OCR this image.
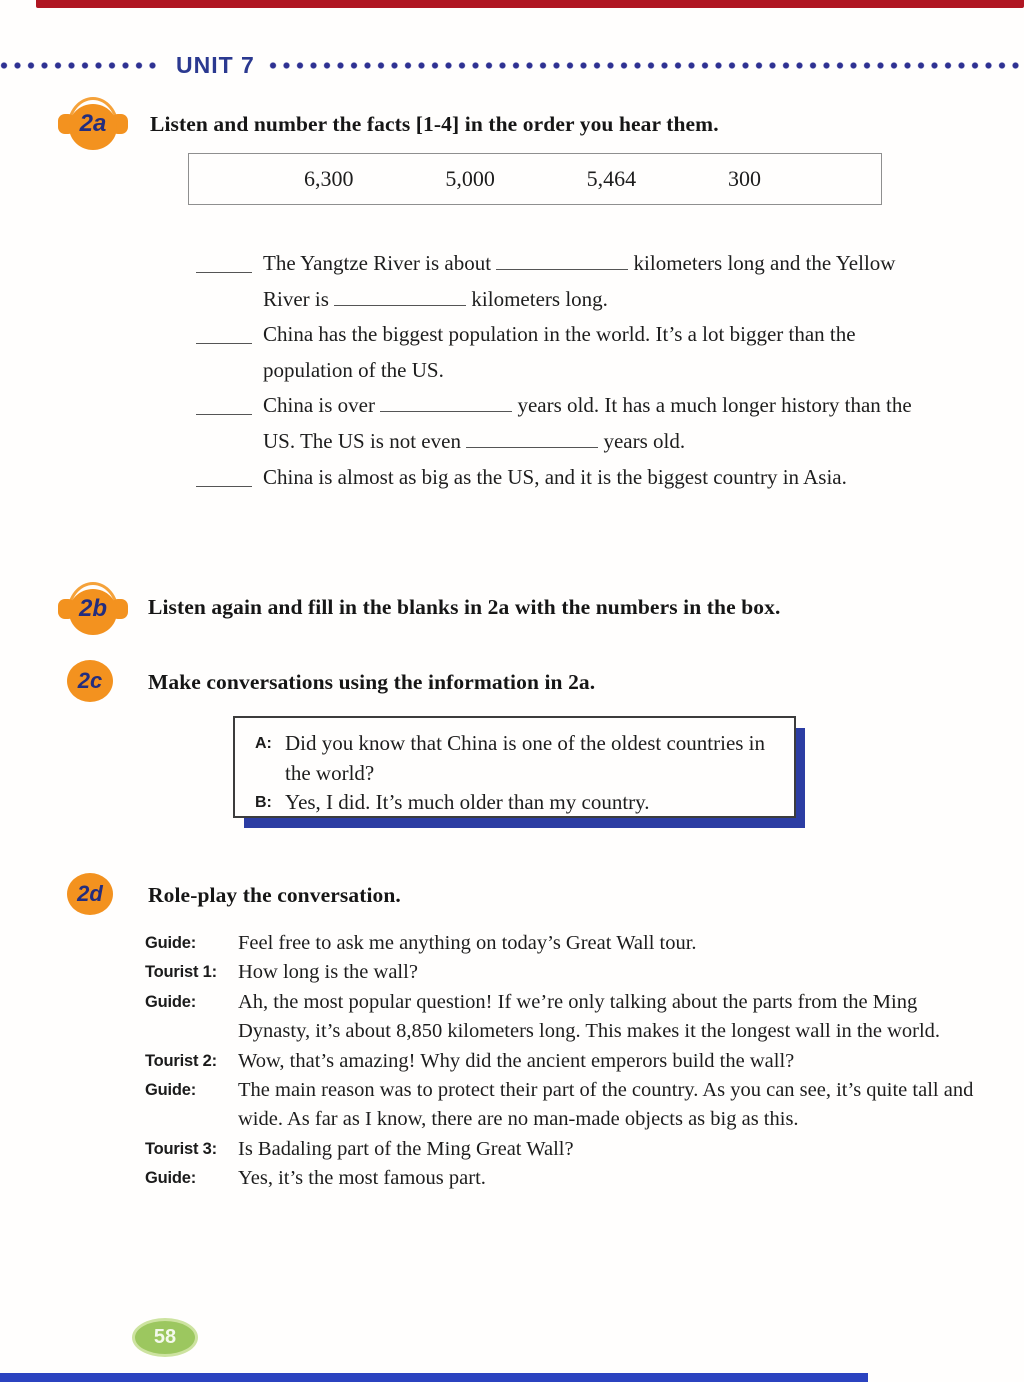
UNIT 7
2a	Listen and number the facts [1-4] in the order you hear them.
6,300	5,000	5,464	300

The Yangtze River is about	kilometers long and the Yellow River is	kilometers long.

China has the biggest population in the world. It’s a lot bigger than the population of the US.

China is over	years old. It has a much longer history than the US. The US is not even	years old.

China is almost as big as the US, and it is the biggest country in Asia.

2b	Listen again and fill in the blanks in 2a with the numbers in the box.
2c	Make conversations using the information in 2a.
A: Did you know that China is one of the oldest countries in the world?

B: Yes, I did. It’s much older than my country.

2d	Role-play the conversation.
Guide:	Feel free to ask me anything on today’s Great Wall tour.

Tourist 1:	How long is the wall?

Guide:	Ah, the most popular question! If we’re only talking about the parts from the Ming Dynasty, it’s about 8,850 kilometers long. This makes it the longest wall in the world.

Tourist 2:	Wow, that’s amazing! Why did the ancient emperors build the wall?

Guide:	The main reason was to protect their part of the country. As you can see, it’s quite tall and wide. As far as I know, there are no man-made objects as big as this.

Tourist 3:	Is Badaling part of the Ming Great Wall?

Guide:	Yes, it’s the most famous part.

58
